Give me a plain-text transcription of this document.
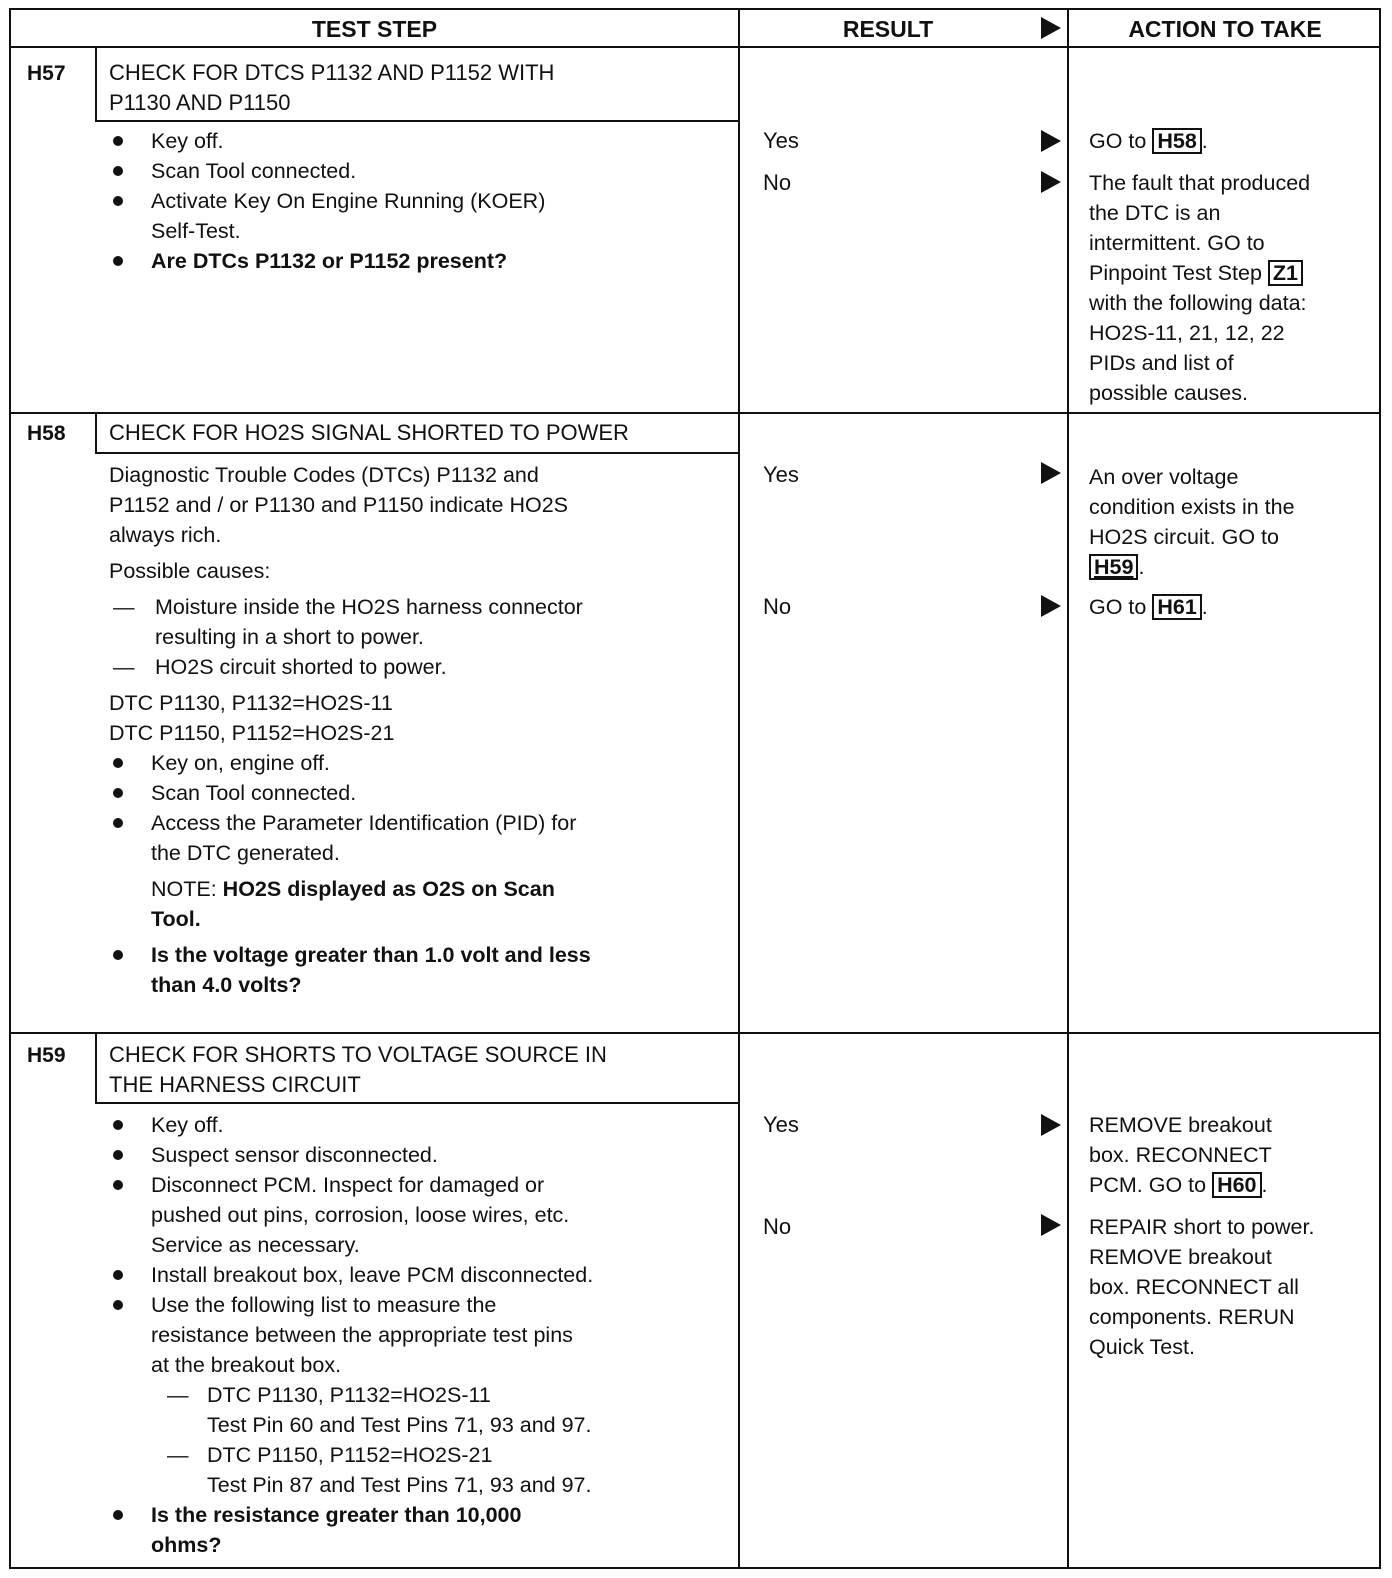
TEST STEP	RESULT	ACTION TO TAKE
H57 CHECK FOR DTCS P1132 AND P1152 WITH
P1130 AND P1150
Key off.
Scan Tool connected.
Activate Key On Engine Running (KOER)
Self-Test.
Are DTCs P1132 or P1152 present?
Yes
No
GO to H58 .
The fault that produced
the DTC is an
intermittent. GO to
Pinpoint Test Step Z1
with the following data:
HO2S-11, 21, 12, 22
PIDs and list of
possible causes.
H58 CHECK FOR HO2S SIGNAL SHORTED TO POWER
Diagnostic Trouble Codes (DTCs) P1132 and
P1152 and / or P1130 and P1150 indicate HO2S
always rich.
Possible causes:
— Moisture inside the HO2S harness connector
resulting in a short to power.
— HO2S circuit shorted to power.
DTC P1130, P1132=HO2S-11
DTC P1150, P1152=HO2S-21
Key on, engine off.
Scan Tool connected.
Access the Parameter Identification (PID) for
the DTC generated.
NOTE: HO2S displayed as O2S on Scan
Tool.
Is the voltage greater than 1.0 volt and less
than 4.0 volts?
Yes
No
An over voltage
condition exists in the
HO2S circuit. GO to
H59 .
GO to H61 .
H59 CHECK FOR SHORTS TO VOLTAGE SOURCE IN
THE HARNESS CIRCUIT
Key off.
Suspect sensor disconnected.
Disconnect PCM. Inspect for damaged or
pushed out pins, corrosion, loose wires, etc.
Service as necessary.
Install breakout box, leave PCM disconnected.
Use the following list to measure the
resistance between the appropriate test pins
at the breakout box.
— DTC P1130, P1132=HO2S-11
Test Pin 60 and Test Pins 71, 93 and 97.
— DTC P1150, P1152=HO2S-21
Test Pin 87 and Test Pins 71, 93 and 97.
Is the resistance greater than 10,000
ohms?
Yes
No
REMOVE breakout
box. RECONNECT
PCM. GO to H60 .
REPAIR short to power.
REMOVE breakout
box. RECONNECT all
components. RERUN
Quick Test.
